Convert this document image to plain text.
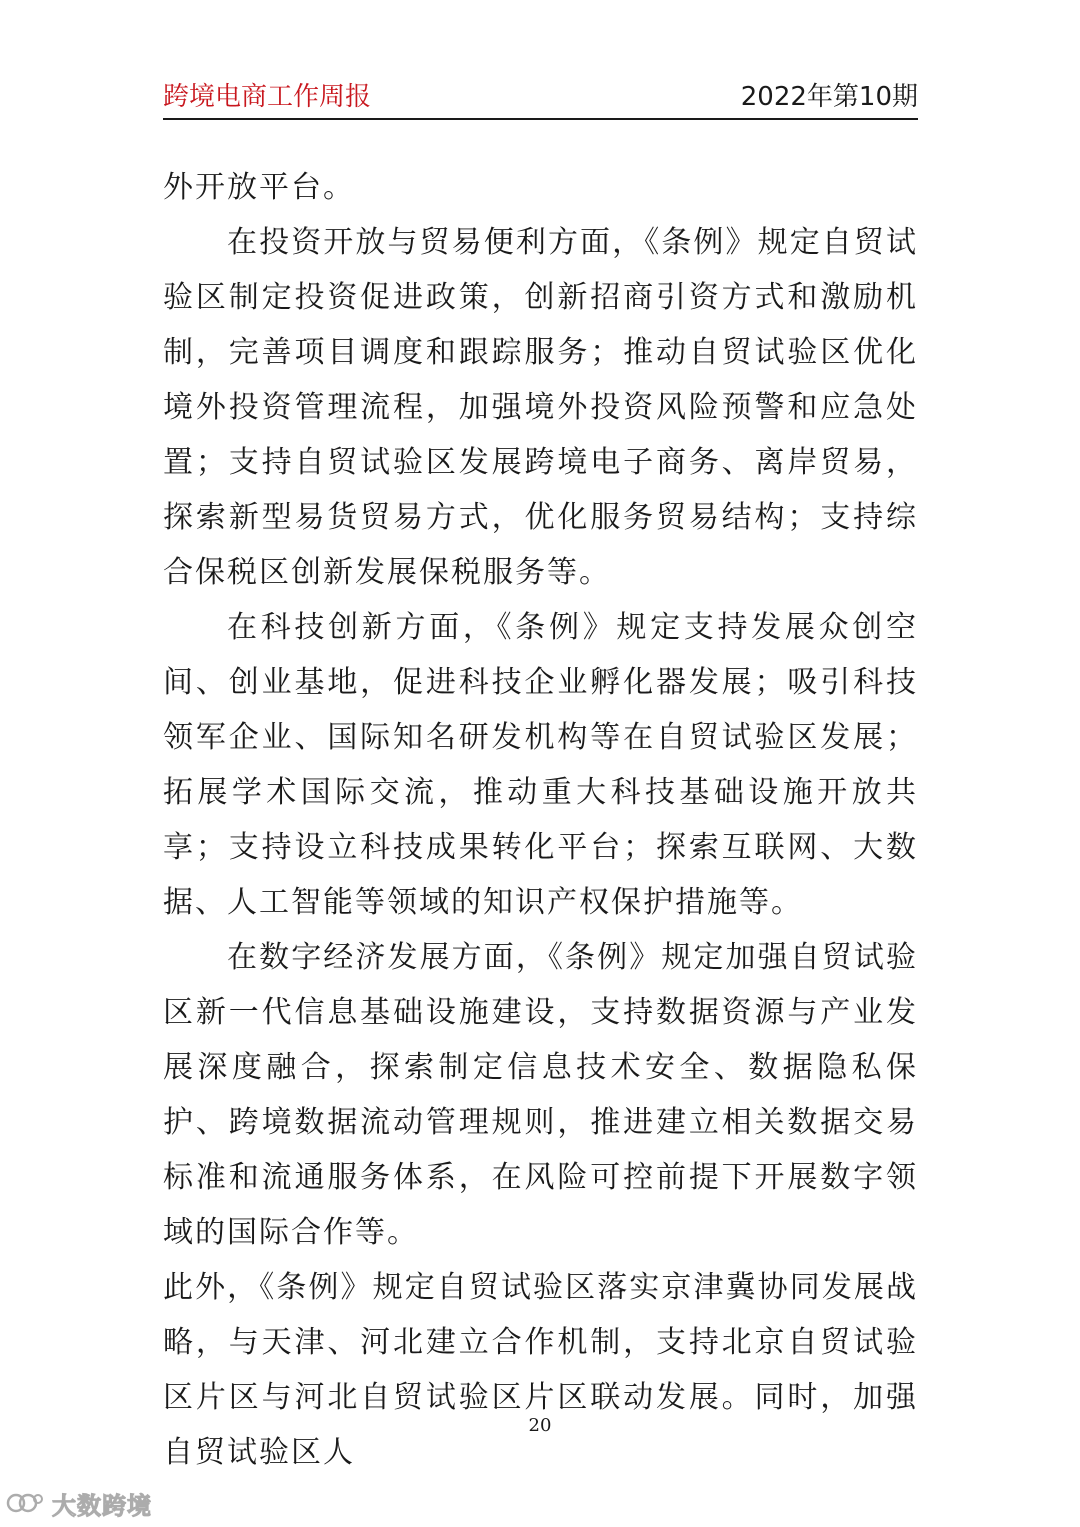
跨境电商工作周报	2022年第10期

外开放平台。

在投资开放与贸易便利方面，《条例》规定自贸试验区制定投资促进政策，创新招商引资方式和激励机制，完善项目调度和跟踪服务；推动自贸试验区优化境外投资管理流程，加强境外投资风险预警和应急处置；支持自贸试验区发展跨境电子商务、离岸贸易，探索新型易货贸易方式，优化服务贸易结构；支持综合保税区创新发展保税服务等。

在科技创新方面，《条例》规定支持发展众创空间、创业基地，促进科技企业孵化器发展；吸引科技领军企业、国际知名研发机构等在自贸试验区发展；拓展学术国际交流，推动重大科技基础设施开放共享；支持设立科技成果转化平台；探索互联网、大数据、人工智能等领域的知识产权保护措施等。

在数字经济发展方面，《条例》规定加强自贸试验区新一代信息基础设施建设，支持数据资源与产业发展深度融合，探索制定信息技术安全、数据隐私保护、跨境数据流动管理规则，推进建立相关数据交易标准和流通服务体系，在风险可控前提下开展数字领域的国际合作等。

此外，《条例》规定自贸试验区落实京津冀协同发展战略，与天津、河北建立合作机制，支持北京自贸试验区片区与河北自贸试验区片区联动发展。同时，加强自贸试验区人

20
大数跨境
